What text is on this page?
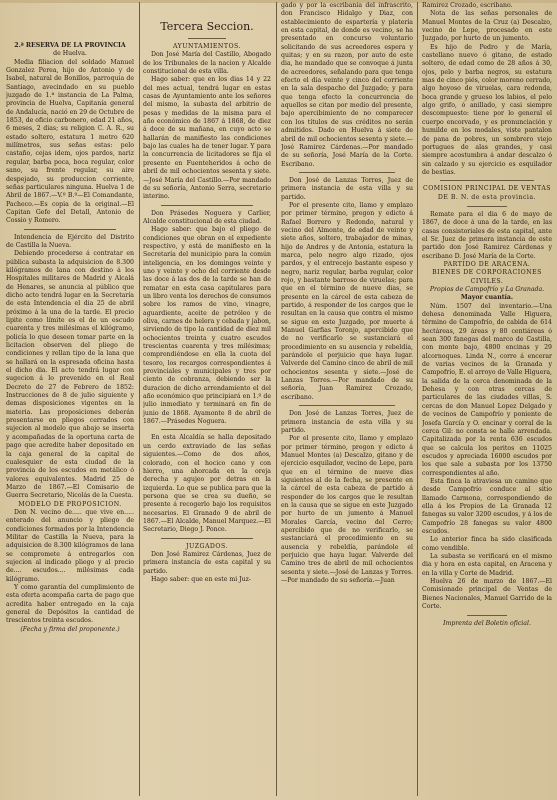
2.ª RESERVA DE LA PROVINCIA

de Huelva.

Media filiacion del soldado Manuel Gonzalez Perea, hijo de Antonio y de Isabel, natural de Bonillos, parroquia de Santiago, avecindado en su pueblo juzgado de 1.ª instancia de La Palma, provincia de Huelva, Capitanía general de Andalucía, nació en 29 de Octubre de 1853, de oficio carbonero, edad 21 años, 6 meses, 2 dias; su religion C. A. R., su estado soltero, estatura 1 metro 620 milímetros, sus señas estas: pelo castaño, cejas idem, ojos pardos, nariz regular, barba poca, boca regular, color sano, su frente regular, su aire despejado, su produccion corriente, señas particulares ninguna. Huelva 1 de Abril de 1867.—V.º B.º—El Comandante, Pacheco.—Es copia de la original.—El Capitan Gefe del Detall, Antonio de Cossio y Romero.

Intendencia de Ejército del Distrito de Castilla la Nueva.

Debiendo procederse á contratar en pública subasta la adquisicion de 8.300 kilógramos de lana con destino á los Hospitales militares de Madrid y Alcalá de Henares, se anuncia al público que dicho acto tendrá lugar en la Secretaría de esta Intendencia el dia 25 de abril próximo á la una de la tarde. El precio lipite como límite es el de un escudo cuarenta y tres milésimas el kilógramo, policía lo que deseen tomar parte en la licitacion observen del pliego de condiciones y rellan tipo de la lana que se hallará en la espresada oficina hasta el dicho dia. El acto tendrá lugar con sugecion á lo prevenido en el Real Decreto de 27 de Febrero de 1852: Instrucciones de 8 de julio siguiente y demas disposiciones vigentes en la materia. Las proposiciones deberán presentarse en pliegos cerrados con sujecion al modelo que abajo se inserta y acompañadas de la oportuna carta de pago que acredite haber depositado en la caja general de la capital de cualesquier de esta ciudad de la provincia de los escudos en metálico ó valores equivalentes. Madrid 25 de Marzo de 1867.—El Comisario de Guerra Secretario, Nicolás de la Cuesta.

MODELO DE PROPOSICION.

Don N. vecino de..... que vive en..... enterado del anuncio y pliego de condiciones formados por la Intendencia Militar de Castilla la Nueva, para la adquisicion de 8.300 kilógramos de lana se compromete á entregarlos con sujecion al indicado pliego y al precio de.... escudos.... milésimas cada kilógramo.

Y como garantía del cumplimiento de esta oferta acompaña carta de pago que acredita haber entregado en la caja general de Depósitos la cantidad de trescientos treinta escudos.

(Fecha y firma del proponente.)

Tercera Seccion.

AYUNTAMIENTOS.

Don José María del Castillo, Abogado de los Tribunales de la nacion y Alcalde constitucional de esta villa.

Hago saber: que en los dias 14 y 22 del mes actual, tendrá lugar en estas casas de Ayuntamiento ante los señores del mismo, la subasta del arbitrio de pesas y medidas de la misma para el año económico de 1867 á 1868, de diez á doce de su mañana, en cuyo acto se hallarán de manifiesto las condiciones bajo las cuales ha de tener lugar. Y para la concurrencia de licitadores se fija el presente en Fuenteheridos á ocho de abril de mil ochocientos sesenta y siete.—José María del Castillo.—Por mandado de su señoría, Antonio Serra, secretario interino.

Don Prásedes Noguera y Carlier, Alcalde constitucional de esta ciudad.

Hago saber: que bajo el pliego de condiciones que obran en el expediente respectivo, y está de manifiesto en la Secretaría del municipio para la común inteligencia, en los domingos veinte y uno y veinte y ocho del corriente desde las doce á las dos de la tarde se han de rematar en esta casa capitulares para un libro venta los derechos de consumos sobre los ramos de vino, vinagre, aguardiente, aceite de petróleo y de oliva, carnes de helera y cebada y jabon, sirviendo de tipo la cantidad de diez mil ochocientos treinta y cuatro escudos trescientas cuarenta y tres milésimas; comprendiéndose en ella la cuota del tesoro, los recargos correspondientes á provinciales y municipales y tres por ciento de cobranza, debiendo ser la duracion de dicho arrendamiento el del año económico que principiará en 1.º de julio inmediato y terminará en fin de junio de 1868. Ayamonte 8 de abril de 1867.—Prásedes Noguera.

En esta Alcaldía se halla depositado un cerdo extraviado de las señas siguientes.—Como de dos años, colorado, con el hocico cano y con hierro, una ahorcada en la oreja derecha y agujeo por detras en la izquierda. Lo que se publica para que la persona que se crea su dueño, se presente á recogerlo bajo los requisitos necesarios. El Granado 9 de abril de 1867.—El Alcalde, Manuel Marquez.—El Secretario, Diego J. Ponce.

JUZGADOS.

Don José Ramirez Cárdenas, Juez de primera instancia de esta capital y su partido.

Hago saber: que en este mi Juz-

gado y por la escribanía del infrascrito, don Francisco Hidalgo y Diaz, con establecimiento de espartería y platería en esta capital, de donde es vecino, se ha presentado en concurso voluntario solicitando de sus acreedores espera y quitas; y en su razon, por auto de este dia, he mandado que se convoque á junta de acreedores, señalando para que tenga efecto el dia veinte y cinco del corriente en la sala despacho del Juzgado; y para que tenga efecto la concurrencia de aquellos se citan por medio del presente, bajo apercibimiento de no comparecer con los títulos de sus créditos no serán admitidos. Dado en Huelva á siete de abril de mil ochocientos sesenta y siete.—José Ramirez Cárdenas.—Por mandado de su señoría, José María de la Corte. Escribano.

Don José de Lanzas Torres, Juez de primera instancia de esta villa y su partido.

Por el presente cito, llamo y emplazo por primer término, pregon y edicto á Rafael Borrero y Redondo, natural y vecino del Almonte, de edad de veinte y siete años, soltero, trabajador de minas, hijo de Andres y de Antonia, estatura la marca, pelo negro algo rizado, ojos pardos, y el entrecejo bastante espeso y negro, nariz regular, barba regular, color rojo, y bastante barroso de viruelas; para que en el término de nueve dias, se presente en la cárcel de esta cabeza de partido, á responder de los cargos que le resultan en la causa que contra el mismo se sigue en este Juzgado, por muerte á Manuel Garfias Toronjo, apercibido que de no verificarlo se sustanciará el procedimiento en su ausencia y rebeldía, parándole el perjuicio que haya lugar. Valverde del Camino cinco de abril de mil ochocientos sesenta y siete.—José de Lanzas Torres.—Por mandado de su señoría, Juan Ramirez Crozado, escribano.

Don José de Lanzas Torres, Juez de primera instancia de esta villa y su partido.

Por el presente cito, llamo y emplazo por primer término, pregon y edicto á Manuel Montes (a) Descalzo, gitano y de ejercicio esquilador, vecino de Lepe, para que en el término de nueve dias siguientes al de la fecha, se presente en la cárcel de esta cabeza de partido á responder de los cargos que le resultan en la causa que se sigue en este Juzgado por hurto de un jumento á Manuel Morales García, vecino del Cerro; apercibido que de no verificarlo, se sustanciará el procedimiento en su ausencia y rebeldía, parándole el perjuicio que haya lugar. Valverde del Camino tres de abril de mil ochocientos sesenta y siete.—José de Lanzas y Torres.—Por mandado de su señoría.—Juan

Ramirez Crozado, escribano.

Nota de las señas personales de Manuel Montes de la Cruz (a) Descalzo, vecino de Lepe, procesado en este Juzgado, por hurto de un jumento.

Es hijo de Pedro y de María, castellano nuevo ó gitano, de estado soltero, de edad como de 28 años á 30, ojos, pelo y barba negros, su estatura mas de cinco piés, color moreno cerrado, algo hoyoso de viruelas, cara redonda, boca grande y grueso los labios, el pelo algo grifo, ó anillado, y casi siempre descompuesto: tiene por lo general el cuerpo encorvado, y es pronunciación y humilde en los modales, viste pantalon de pana de pobres, un sombrero viejo portugues de alas grandes, y casi siempre acostumbra á andar descalzo ó sin calzado y su ejercicio es esquilador de bestias.

COMISION PRINCIPAL DE VENTAS DE B. N. de esta provincia.

Remate para el dia 6 de mayo de 1867, de doce á una de la tarde, en las casas consistoriales de esta capital, ante el Sr. Juez de primera instancia de este partido don José Ramirez Cárdenas y escribano D. José María de la Corte.

PARTIDO DE ARACENA.

BIENES DE CORPORACIONES

CIVILES.

Propios de Campofrío y La Granada.

Mayor cuantía.

Núm. 1507 del inventario.—Una dehesa denominada Valle Higuera, término de Campofrío, de cabida de 614 hectáreas, 29 áreas y 80 centiáreas ó sean 300 fanegas del marco de Castilla, con monte bajo, 4800 encinas y 29 alcornoques. Linda N., corre á encerar de varias vecinos de la Granada y Campofrío, E. el arroyo de Valle Higuera, la salida de la cerca denominada de la Dehesa y con otras cercas de particulares de las ciudades villas, S. cercas de don Manuel Lopez Delgado y de vecinos de Campofrío y poniente de Josefa García y O. encinar y corral de la cerca Gil: no consta se halle arrendada. Capitalizada por la renta 636 escudos que se calcula los peritos en 11025 escudos y apreciada 16000 escudos por los que sale a subasta por los 13750 correspondientes al año.

Esta finca la atraviesa un camino que desde Campofrío conduce al sitio llamado Carmona, correspondiendo de ella á los Propios de La Granada 12 fanegas su valor 3200 escudos, y á los de Campofrío 28 fanegas su valor 4800 escudos.

Lo anterior finca ha sido clasificada como vendible.

La subasta se verificará en el mismo dia y hora en esta capital, en Aracena y en la villa y Corte de Madrid.

Huelva 26 de marzo de 1867.—El Comisionado principal de Ventas de Bienes Nacionales, Manuel Garrido de la Corte.

Imprenta del Boletin oficial.
